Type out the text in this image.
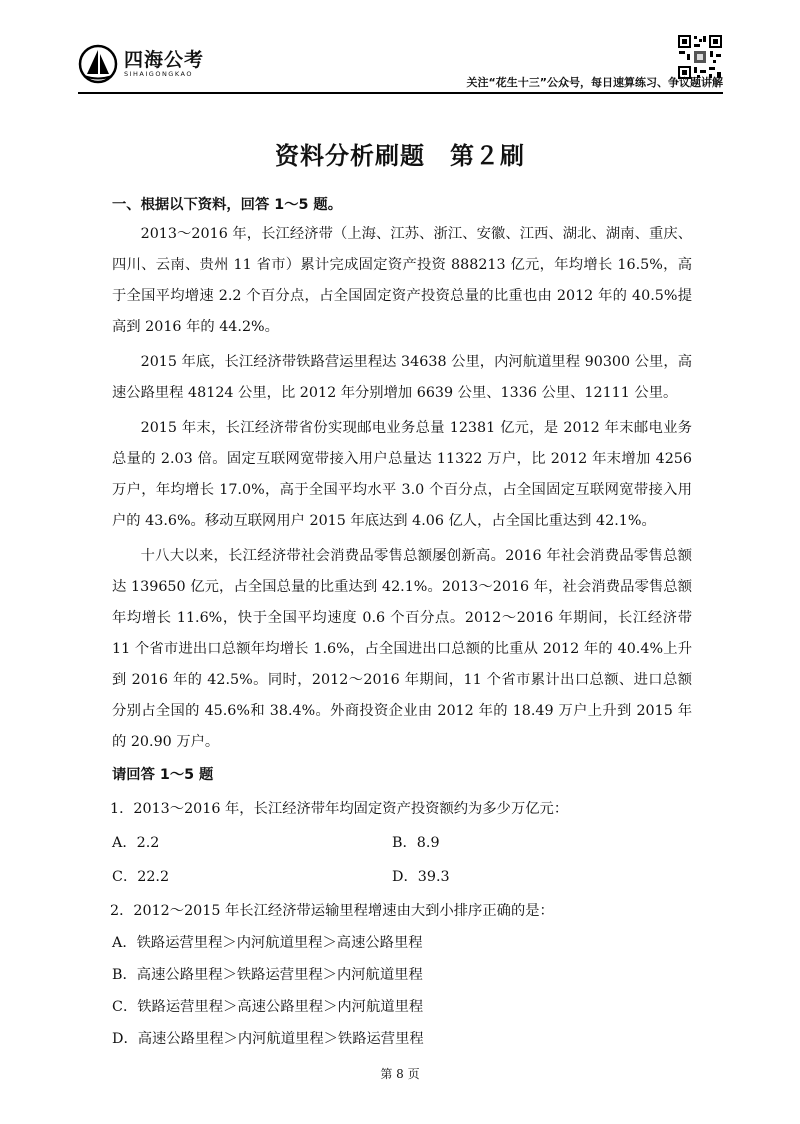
四海公考
SIHAIGONGKAO
关注“花生十三”公众号，每日速算练习、争议题讲解
资料分析刷题　第２刷
一、根据以下资料，回答 1～5 题。

2013～2016 年，长江经济带（上海、江苏、浙江、安徽、江西、湖北、湖南、重庆、四川、云南、贵州 11 省市）累计完成固定资产投资 888213 亿元，年均增长 16.5%，高于全国平均增速 2.2 个百分点，占全国固定资产投资总量的比重也由 2012 年的 40.5%提高到 2016 年的 44.2%。

2015 年底，长江经济带铁路营运里程达 34638 公里，内河航道里程 90300 公里，高速公路里程 48124 公里，比 2012 年分别增加 6639 公里、1336 公里、12111 公里。

2015 年末，长江经济带省份实现邮电业务总量 12381 亿元，是 2012 年末邮电业务总量的 2.03 倍。固定互联网宽带接入用户总量达 11322 万户，比 2012 年末增加 4256 万户，年均增长 17.0%，高于全国平均水平 3.0 个百分点，占全国固定互联网宽带接入用户的 43.6%。移动互联网用户 2015 年底达到 4.06 亿人，占全国比重达到 42.1%。

十八大以来，长江经济带社会消费品零售总额屡创新高。2016 年社会消费品零售总额达 139650 亿元，占全国总量的比重达到 42.1%。2013～2016 年，社会消费品零售总额年均增长 11.6%，快于全国平均速度 0.6 个百分点。2012～2016 年期间，长江经济带 11 个省市进出口总额年均增长 1.6%，占全国进出口总额的比重从 2012 年的 40.4%上升到 2016 年的 42.5%。同时，2012～2016 年期间，11 个省市累计出口总额、进口总额分别占全国的 45.6%和 38.4%。外商投资企业由 2012 年的 18.49 万户上升到 2015 年的 20.90 万户。

请回答 1～5 题
1．2013～2016 年，长江经济带年均固定资产投资额约为多少万亿元：
A．2.2	B．8.9
C．22.2	D．39.3
2．2012～2015 年长江经济带运输里程增速由大到小排序正确的是：
A．铁路运营里程＞内河航道里程＞高速公路里程
B．高速公路里程＞铁路运营里程＞内河航道里程
C．铁路运营里程＞高速公路里程＞内河航道里程
D．高速公路里程＞内河航道里程＞铁路运营里程
第 8 页
